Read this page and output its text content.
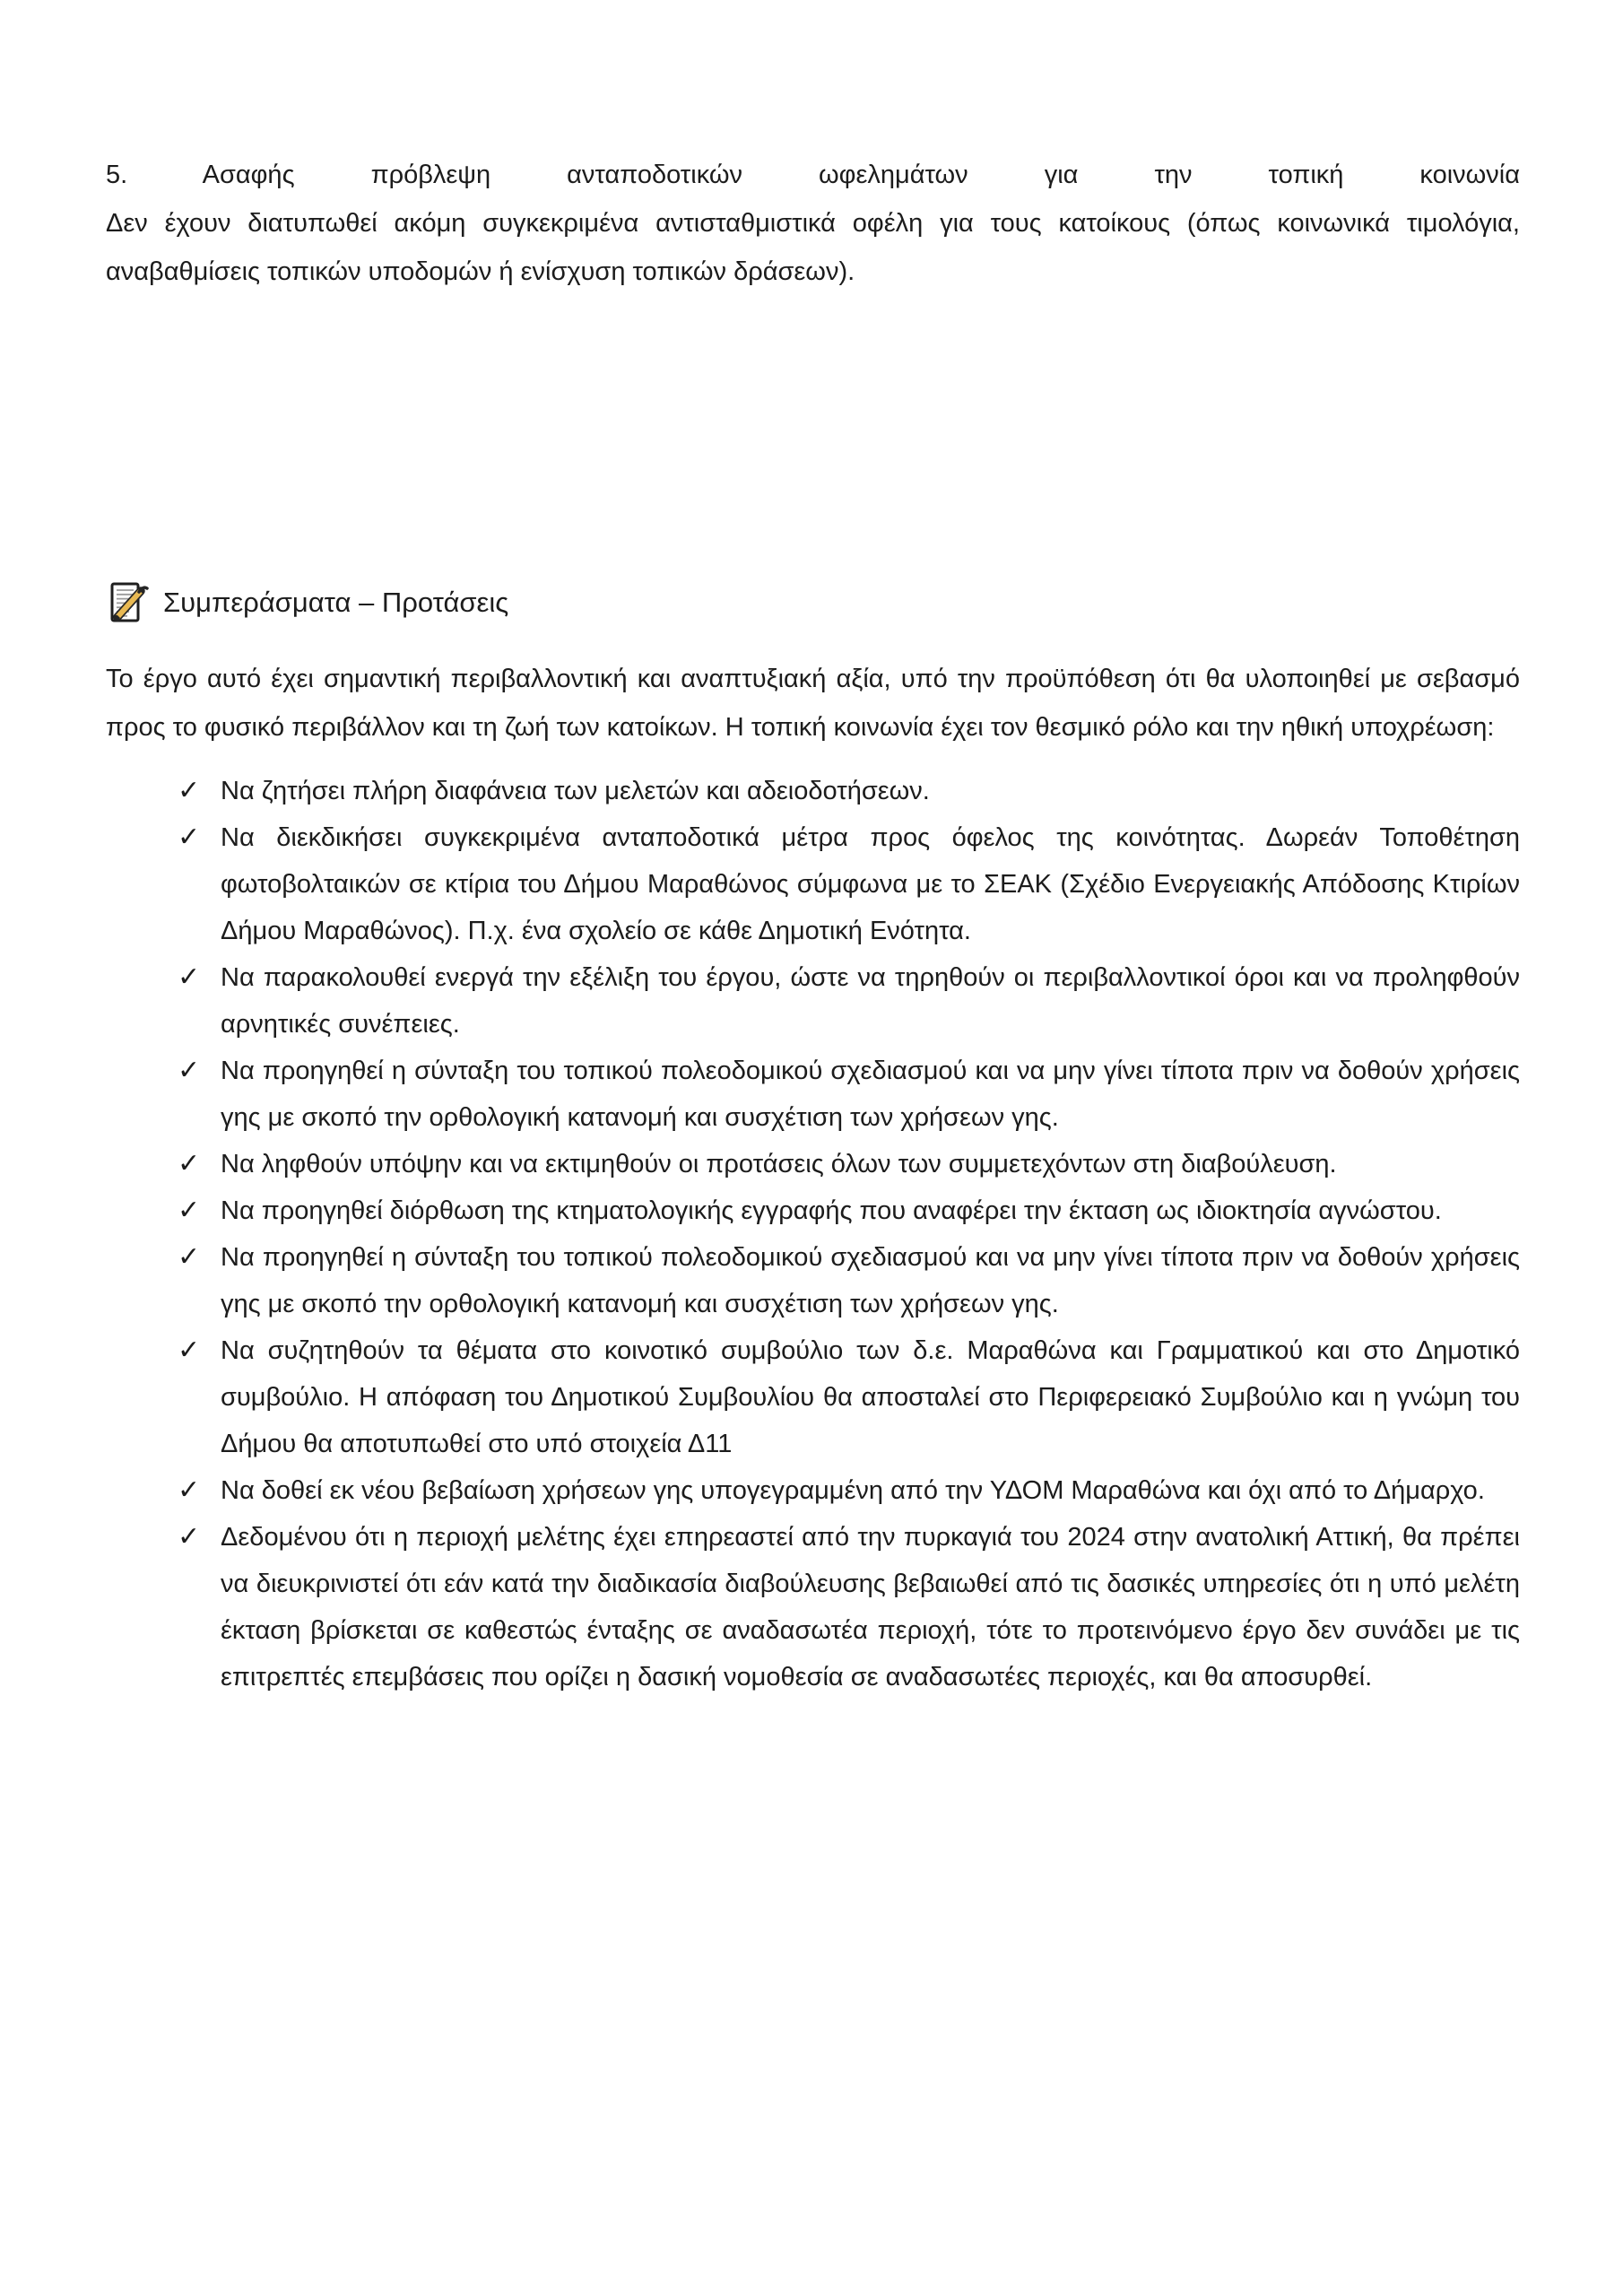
5.	Ασαφής πρόβλεψη ανταποδοτικών ωφελημάτων για την τοπική κοινωνία
Δεν έχουν διατυπωθεί ακόμη συγκεκριμένα αντισταθμιστικά οφέλη για τους κατοίκους (όπως κοινωνικά τιμολόγια, αναβαθμίσεις τοπικών υποδομών ή ενίσχυση τοπικών δράσεων).

Συμπεράσματα – Προτάσεις

Το έργο αυτό έχει σημαντική περιβαλλοντική και αναπτυξιακή αξία, υπό την προϋπόθεση ότι θα υλοποιηθεί με σεβασμό προς το φυσικό περιβάλλον και τη ζωή των κατοίκων. Η τοπική κοινωνία έχει τον θεσμικό ρόλο και την ηθική υποχρέωση:

✓ Να ζητήσει πλήρη διαφάνεια των μελετών και αδειοδοτήσεων.
✓ Να διεκδικήσει συγκεκριμένα ανταποδοτικά μέτρα προς όφελος της κοινότητας. Δωρεάν Τοποθέτηση φωτοβολταικών σε κτίρια του Δήμου Μαραθώνος σύμφωνα με το ΣΕΑΚ (Σχέδιο Ενεργειακής Απόδοσης Κτιρίων Δήμου Μαραθώνος). Π.χ. ένα σχολείο σε κάθε Δημοτική Ενότητα.
✓ Να παρακολουθεί ενεργά την εξέλιξη του έργου, ώστε να τηρηθούν οι περιβαλλοντικοί όροι και να προληφθούν αρνητικές συνέπειες.
✓ Να προηγηθεί η σύνταξη του τοπικού πολεοδομικού σχεδιασμού και να μην γίνει τίποτα πριν να δοθούν χρήσεις γης με σκοπό την ορθολογική κατανομή και συσχέτιση των χρήσεων γης.
✓ Να ληφθούν υπόψην και να εκτιμηθούν οι προτάσεις όλων των συμμετεχόντων στη διαβούλευση.
✓ Να προηγηθεί διόρθωση της κτηματολογικής εγγραφής που αναφέρει την έκταση ως ιδιοκτησία αγνώστου.
✓ Να προηγηθεί η σύνταξη του τοπικού πολεοδομικού σχεδιασμού και να μην γίνει τίποτα πριν να δοθούν χρήσεις γης με σκοπό την ορθολογική κατανομή και συσχέτιση των χρήσεων γης.
✓ Να συζητηθούν τα θέματα στο κοινοτικό συμβούλιο των δ.ε. Μαραθώνα και Γραμματικού και στο Δημοτικό συμβούλιο. Η απόφαση του Δημοτικού Συμβουλίου θα αποσταλεί στο Περιφερειακό Συμβούλιο και η γνώμη του Δήμου θα αποτυπωθεί στο υπό στοιχεία Δ11
✓ Να δοθεί εκ νέου βεβαίωση χρήσεων γης υπογεγραμμένη από την ΥΔΟΜ Μαραθώνα και όχι από το Δήμαρχο.
✓ Δεδομένου ότι η περιοχή μελέτης έχει επηρεαστεί από την πυρκαγιά του 2024 στην ανατολική Αττική, θα πρέπει να διευκρινιστεί ότι εάν κατά την διαδικασία διαβούλευσης βεβαιωθεί από τις δασικές υπηρεσίες ότι η υπό μελέτη έκταση βρίσκεται σε καθεστώς ένταξης σε αναδασωτέα περιοχή, τότε το προτεινόμενο έργο δεν συνάδει με τις επιτρεπτές επεμβάσεις που ορίζει η δασική νομοθεσία σε αναδασωτέες περιοχές, και θα αποσυρθεί.
